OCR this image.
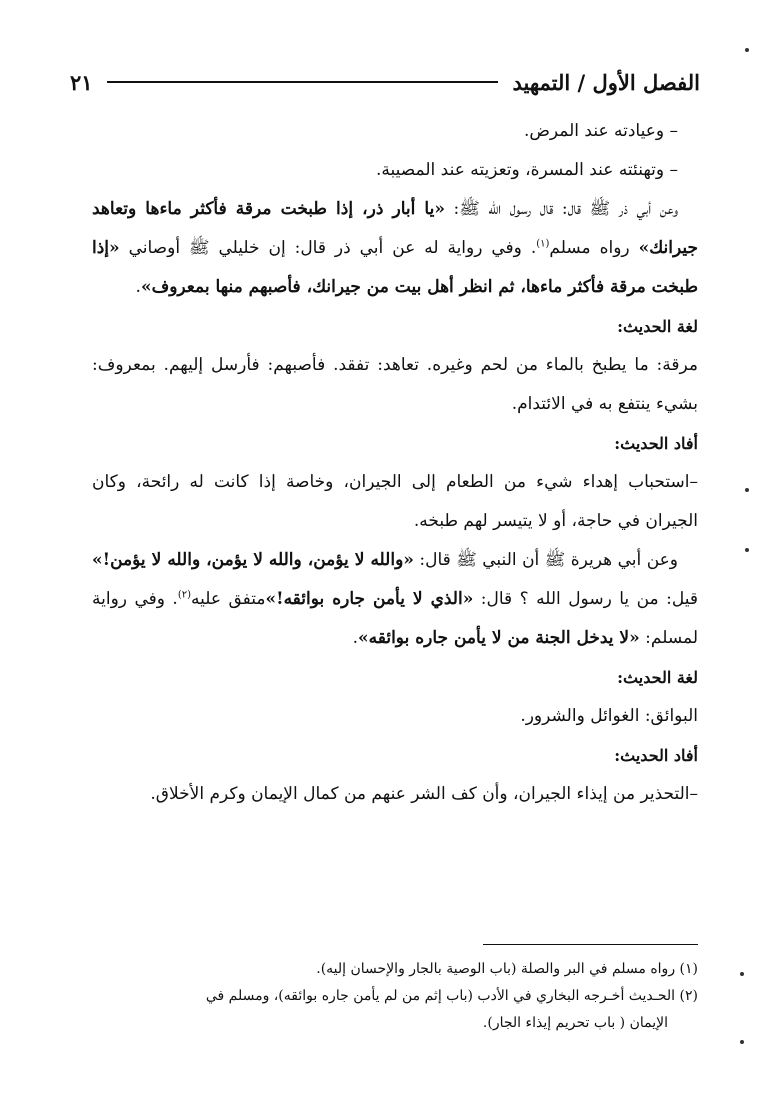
الفصل الأول / التمهيد
٢١

– وعيادته عند المرض.

– وتهنئته عند المسرة، وتعزيته عند المصيبة.

وعن أبي ذر ﷺ قال: قال رسول الله ﷺ: «يا أبار ذر، إذا طبخت مرقة فأكثر ماءها وتعاهد جيرانك» رواه مسلم$^{(١)}$. وفي رواية له عن أبي ذر قال: إن خليلي ﷺ أوصاني «إذا طبخت مرقة فأكثر ماءها، ثم انظر أهل بيت من جيرانك، فأصبهم منها بمعروف».

لغة الحديث:

مرقة: ما يطبخ بالماء من لحم وغيره. تعاهد: تفقد. فأصبهم: فأرسل إليهم. بمعروف: بشيء ينتفع به في الائتدام.

أفاد الحديث:

–استحباب إهداء شيء من الطعام إلى الجيران، وخاصة إذا كانت له رائحة، وكان الجيران في حاجة، أو لا يتيسر لهم طبخه.

وعن أبي هريرة ﷺ أن النبي ﷺ قال: «والله لا يؤمن، والله لا يؤمن، والله لا يؤمن!» قيل: من يا رسول الله ؟ قال: «الذي لا يأمن جاره بوائقه!»متفق عليه$^{(٢)}$. وفي رواية لمسلم: «لا يدخل الجنة من لا يأمن جاره بوائقه».

لغة الحديث:

البوائق: الغوائل والشرور.

أفاد الحديث:

–التحذير من إيذاء الجيران، وأن كف الشر عنهم من كمال الإيمان وكرم الأخلاق.

(١) رواه مسلم في البر والصلة (باب الوصية بالجار والإحسان إليه).

(٢) الحـديث أخـرجه البخاري في الأدب (باب إثم من لم يأمن جاره بوائقه)، ومسلم في

الإيمان ( باب تحريم إيذاء الجار).
